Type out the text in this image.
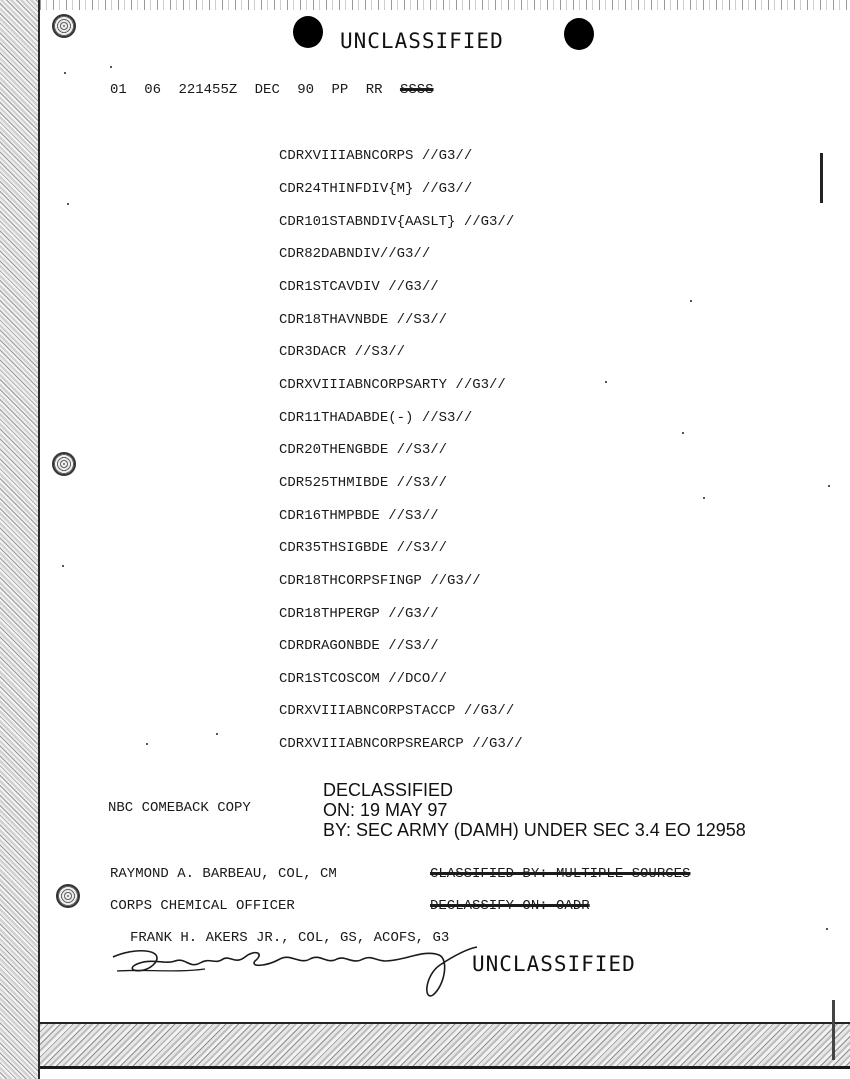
UNCLASSIFIED
01 06 221455Z DEC 90 PP RR SSSS
CDRXVIIIABNCORPS //G3//
CDR24THINFDIV{M} //G3//
CDR101STABNDIV{AASLT} //G3//
CDR82DABNDIV//G3//
CDR1STCAVDIV //G3//
CDR18THAVNBDE //S3//
CDR3DACR //S3//
CDRXVIIIABNCORPSARTY //G3//
CDR11THADABDE(-) //S3//
CDR20THENGBDE //S3//
CDR525THMIBDE //S3//
CDR16THMPBDE //S3//
CDR35THSIGBDE //S3//
CDR18THCORPSFINGP //G3//
CDR18THPERGP //G3//
CDRDRAGONBDE //S3//
CDR1STCOSCOM //DCO//
CDRXVIIIABNCORPSTACCP //G3//
CDRXVIIIABNCORPSREARCP //G3//
NBC COMEBACK COPY
DECLASSIFIED
ON: 19 MAY 97
BY: SEC ARMY (DAMH) UNDER SEC 3.4 EO 12958
RAYMOND A. BARBEAU, COL, CM	CLASSIFIED BY: MULTIPLE SOURCES
CORPS CHEMICAL OFFICER	DECLASSIFY ON: OADR
FRANK H. AKERS JR., COL, GS, ACOFS, G3
UNCLASSIFIED
